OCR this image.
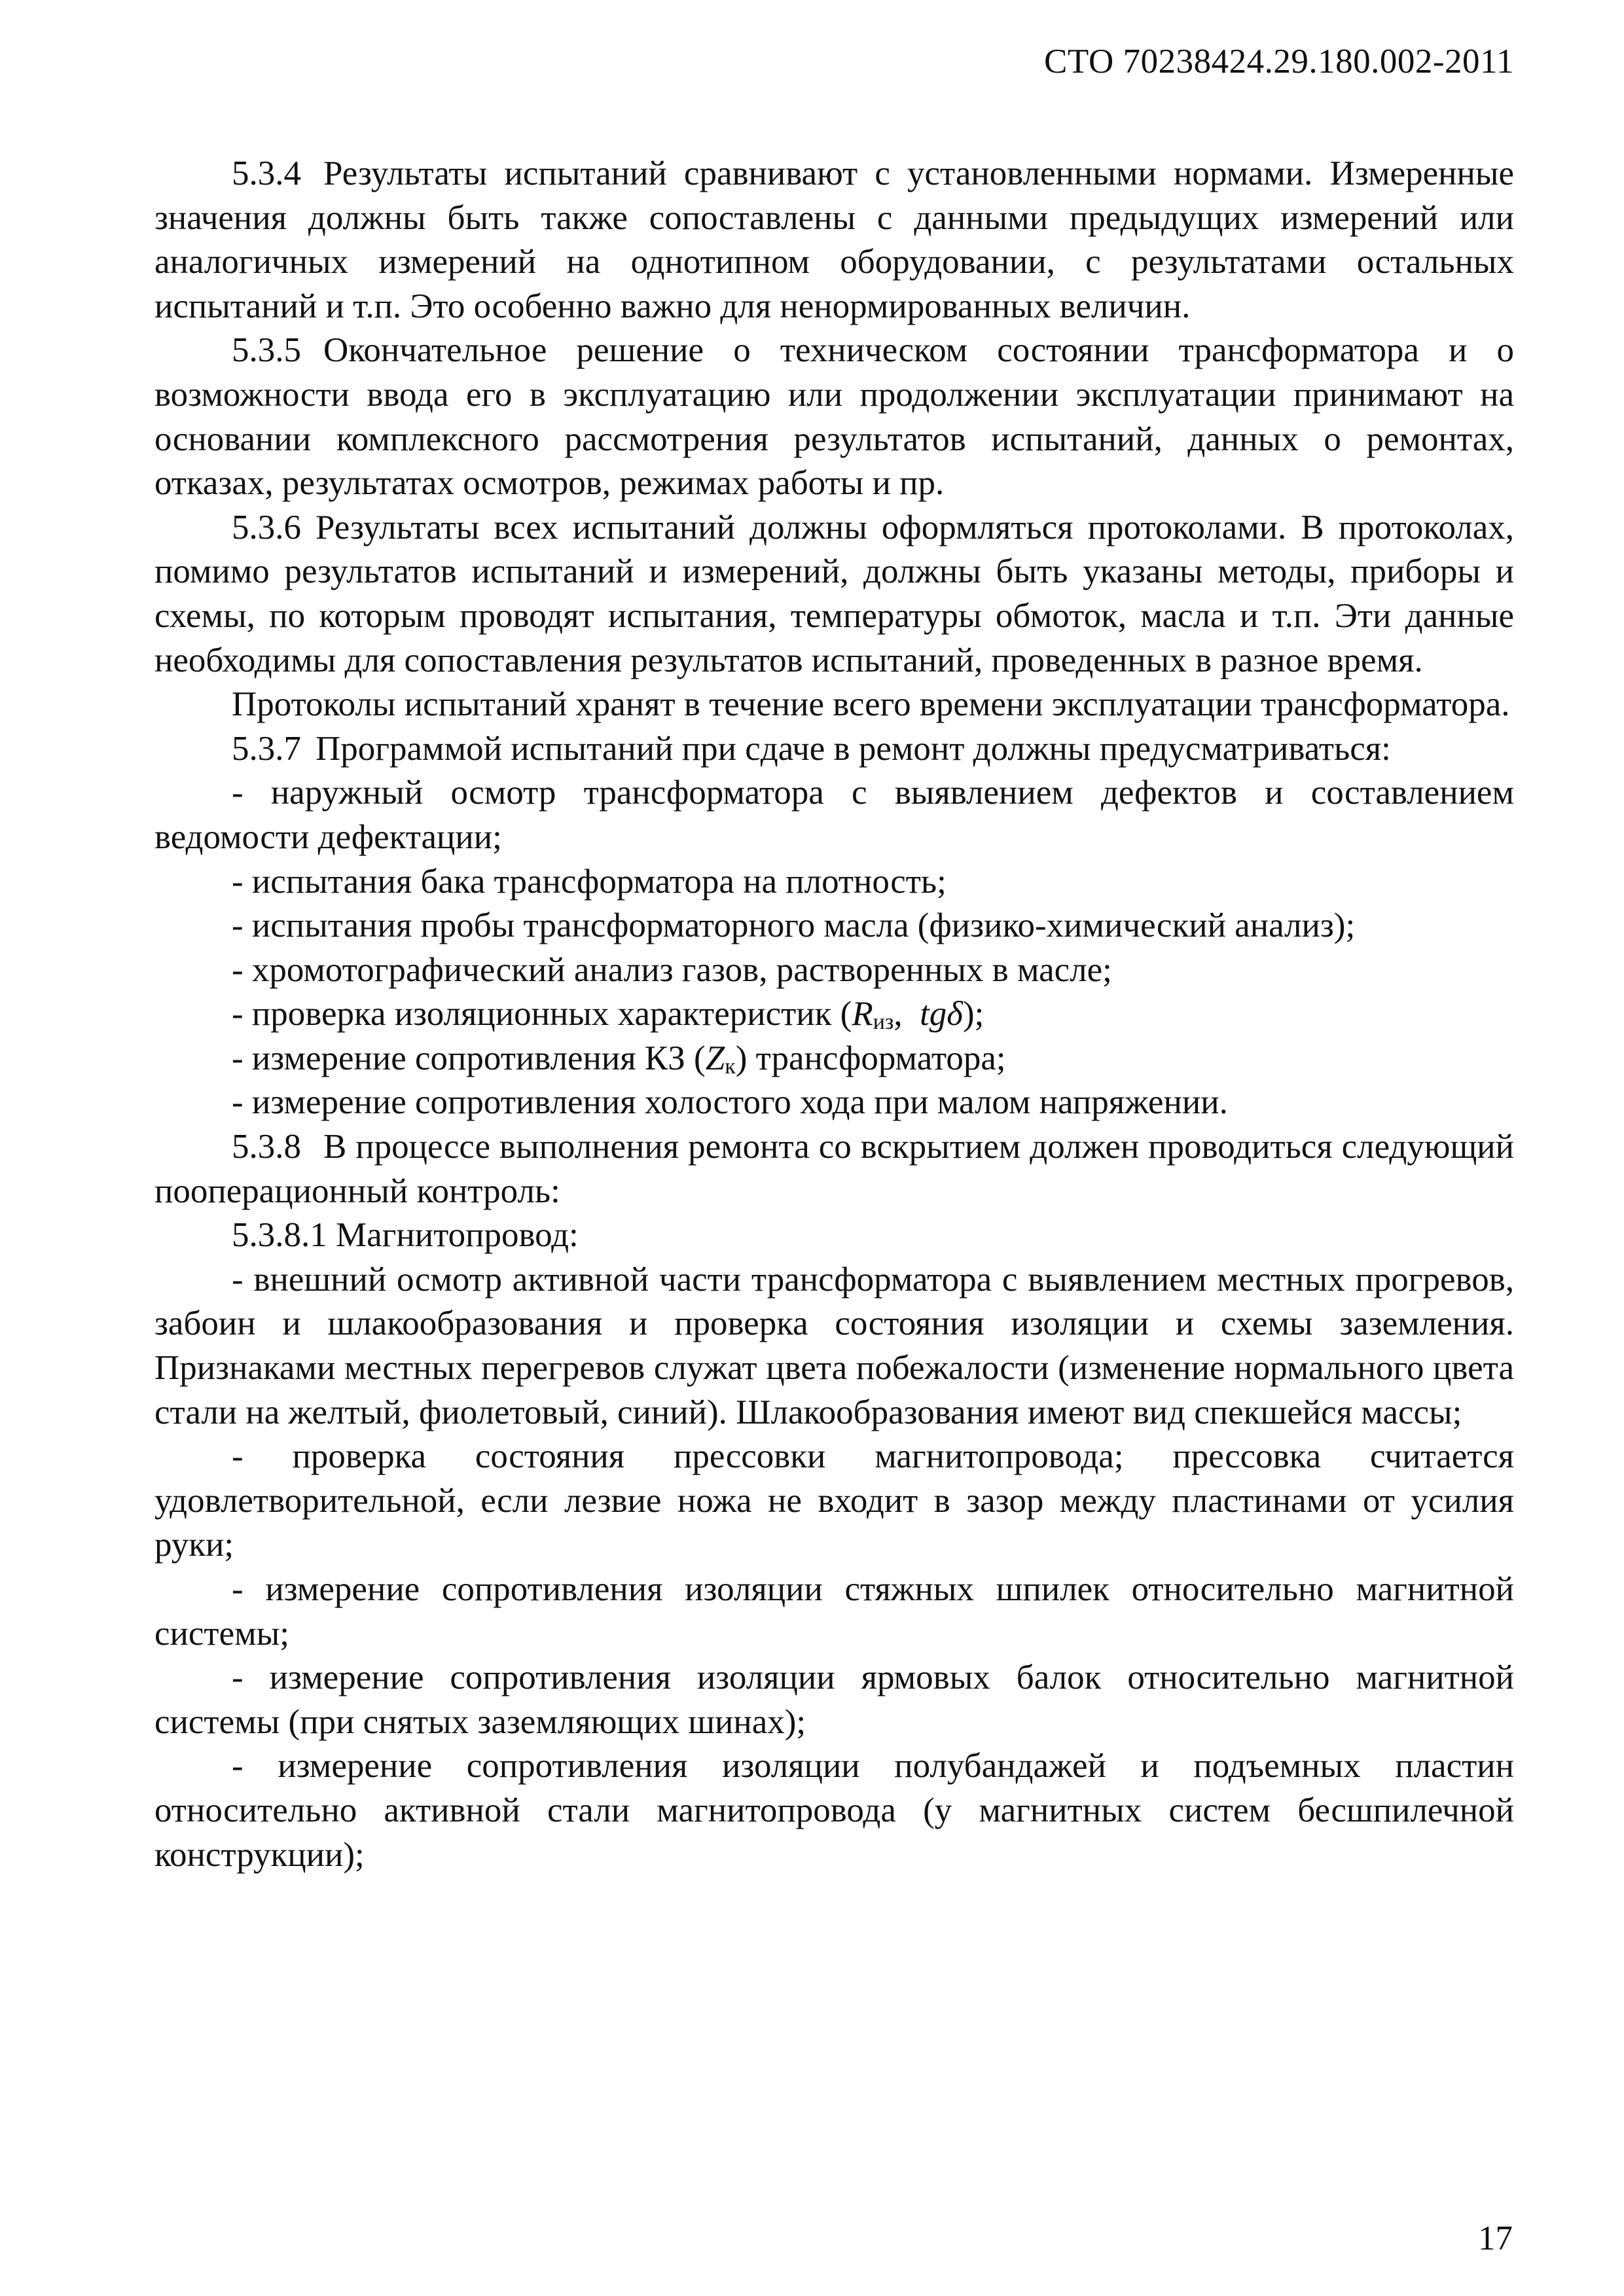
СТО 70238424.29.180.002-2011

5.3.4 Результаты испытаний сравнивают с установленными нормами. Измеренные значения должны быть также сопоставлены с данными предыдущих измерений или аналогичных измерений на однотипном оборудовании, с результатами остальных испытаний и т.п. Это особенно важно для ненормированных величин.

5.3.5 Окончательное решение о техническом состоянии трансформатора и о возможности ввода его в эксплуатацию или продолжении эксплуатации принимают на основании комплексного рассмотрения результатов испытаний, данных о ремонтах, отказах, результатах осмотров, режимах работы и пр.

5.3.6 Результаты всех испытаний должны оформляться протоколами. В протоколах, помимо результатов испытаний и измерений, должны быть указаны методы, приборы и схемы, по которым проводят испытания, температуры обмоток, масла и т.п. Эти данные необходимы для сопоставления результатов испытаний, проведенных в разное время.

Протоколы испытаний хранят в течение всего времени эксплуатации трансформатора.

5.3.7 Программой испытаний при сдаче в ремонт должны предусматриваться:

- наружный осмотр трансформатора с выявлением дефектов и составлением ведомости дефектации;

- испытания бака трансформатора на плотность;

- испытания пробы трансформаторного масла (физико-химический анализ);

- хромотографический анализ газов, растворенных в масле;

- проверка изоляционных характеристик ($R_{из}$,  tgδ);

- измерение сопротивления КЗ $(Z_к)$ трансформатора;

- измерение сопротивления холостого хода при малом напряжении.

5.3.8 В процессе выполнения ремонта со вскрытием должен проводиться следующий пооперационный контроль:

5.3.8.1 Магнитопровод:

- внешний осмотр активной части трансформатора с выявлением местных прогревов, забоин и шлакообразования и проверка состояния изоляции и схемы заземления. Признаками местных перегревов служат цвета побежалости (изменение нормального цвета стали на желтый, фиолетовый, синий). Шлакообразования имеют вид спекшейся массы;

- проверка состояния прессовки магнитопровода; прессовка считается удовлетворительной, если лезвие ножа не входит в зазор между пластинами от усилия руки;

- измерение сопротивления изоляции стяжных шпилек относительно магнитной системы;

- измерение сопротивления изоляции ярмовых балок относительно магнитной системы (при снятых заземляющих шинах);

- измерение сопротивления изоляции полубандажей и подъемных пластин относительно активной стали магнитопровода (у магнитных систем бесшпилечной конструкции);

17
